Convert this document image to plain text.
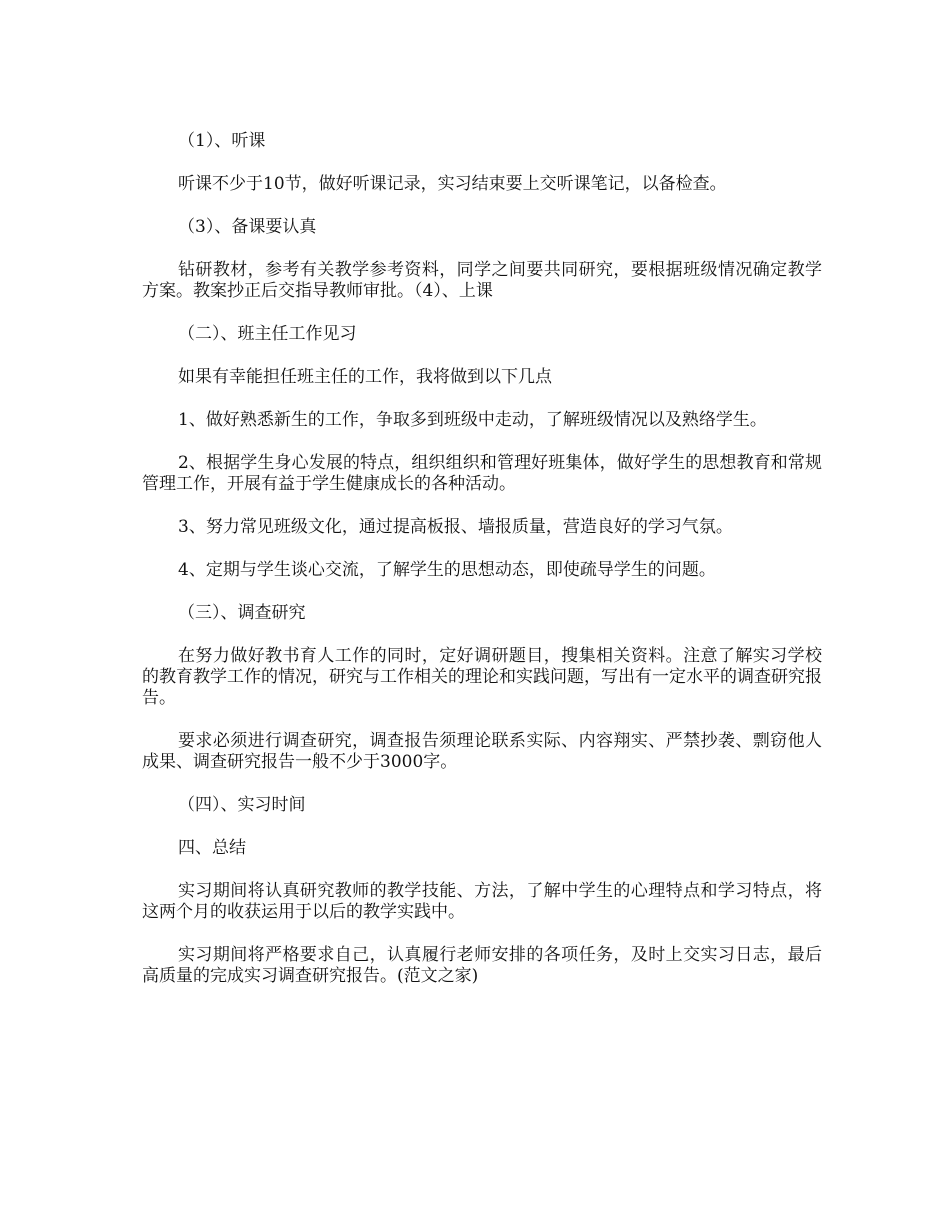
（1）、听课

听课不少于10节，做好听课记录，实习结束要上交听课笔记，以备检查。

（3）、备课要认真

钻研教材，参考有关教学参考资料，同学之间要共同研究，要根据班级情况确定教学方案。教案抄正后交指导教师审批。（4）、上课

（二）、班主任工作见习

如果有幸能担任班主任的工作，我将做到以下几点

1、做好熟悉新生的工作，争取多到班级中走动，了解班级情况以及熟络学生。

2、根据学生身心发展的特点，组织组织和管理好班集体，做好学生的思想教育和常规管理工作，开展有益于学生健康成长的各种活动。

3、努力常见班级文化，通过提高板报、墙报质量，营造良好的学习气氛。

4、定期与学生谈心交流，了解学生的思想动态，即使疏导学生的问题。

（三）、调查研究

在努力做好教书育人工作的同时，定好调研题目，搜集相关资料。注意了解实习学校的教育教学工作的情况，研究与工作相关的理论和实践问题，写出有一定水平的调查研究报告。

要求必须进行调查研究，调查报告须理论联系实际、内容翔实、严禁抄袭、剽窃他人成果、调查研究报告一般不少于3000字。

（四）、实习时间

四、总结

实习期间将认真研究教师的教学技能、方法，了解中学生的心理特点和学习特点，将这两个月的收获运用于以后的教学实践中。

实习期间将严格要求自己，认真履行老师安排的各项任务，及时上交实习日志，最后高质量的完成实习调查研究报告。(范文之家)
